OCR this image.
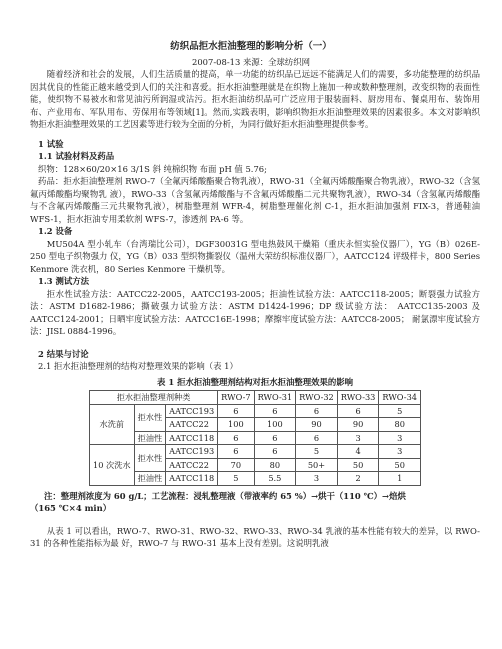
纺织品拒水拒油整理的影响分析（一）
2007-08-13 来源：全球纺织网

随着经济和社会的发展，人们生活质量的提高，单一功能的纺织品已远远不能满足人们的需要，多功能整理的纺织品因其优良的性能正越来越受到人们的关注和喜爱。拒水拒油整理就是在织物上施加一种或数种整理剂，改变织物的表面性能，使织物不易被水和常见油污所润湿或沾污。拒水拒油纺织品可广泛应用于服装面料、厨房用布、餐桌用布、装饰用布、产业用布、军队用布、劳保用布等领域[1]。然而,实践表明，影响织物拒水拒油整理效果的因素很多。本文对影响织物拒水拒油整理效果的工艺因素等进行较为全面的分析，为同行做好拒水拒油整理提供参考。

1 试验

1.1 试验材料及药品

织物：128×60/20×16 3/1S 斜 纯棉织物 布面 pH 值 5.76;

药品：拒水拒油整理剂 RWO-7（全氟丙烯酸酯聚合物乳液），RWO-31（全氟丙烯酸酯聚合物乳液），RWO-32（含氢氟丙烯酸酯均聚物乳 液），RWO-33（含氢氟丙烯酸酯与不含氟丙烯酸酯二元共聚物乳液），RWO-34（含氢氟丙烯酸酯与不含氟丙烯酸酯三元共聚物乳液），树脂整理剂 WFR-4，树脂整理催化剂 C-1，拒水拒油加强剂 FIX-3，普通鞋油 WFS-1，拒水拒油专用柔软剂 WFS-7，渗透剂 PA-6 等。

1.2 设备

MU504A 型小轧车（台湾瑞比公司），DGF30031G 型电热鼓风干燥箱（重庆永恒实验仪器厂），YG（B）026E-250 型电子织物强力 仪，YG（B）033 型织物撕裂仪（温州大荣纺织标准仪器厂），AATCC124 评级样卡，800 Series Kenmore 洗衣机，80 Series Kenmore 干燥机等。

1.3 测试方法

拒水性试验方法：AATCC22-2005，AATCC193-2005；拒油性试验方法：AATCC118-2005；断裂强力试验方法：ASTM D1682-1986；撕破强力试验方法：ASTM D1424-1996；DP 级试验方法： AATCC135-2003 及 AATCC124-2001；日晒牢度试验方法：AATCC16E-1998；摩擦牢度试验方法：AATCC8-2005； 耐氯漂牢度试验方法：JISL 0884-1996。

2 结果与讨论

2.1 拒水拒油整理剂的结构对整理效果的影响（表 1）

表 1 拒水拒油整理剂结构对拒水拒油整理效果的影响

拒水拒油整理剂种类			RWO-7	RWO-31	RWO-32	RWO-33	RWO-34
水洗前	拒水性	AATCC193	6	6	6	6	5
		AATCC22	100	100	90	90	80
	拒油性	AATCC118	6	6	6	3	3
10 次洗水	拒水性	AATCC193	6	6	5	4	3
		AATCC22	70	80	50+	50	50
	拒油性	AATCC118	5	5.5	3	2	1

注：整理剂浓度为 60 g/L；工艺流程：浸轧整理液（带液率约 65 %）→烘干（110 ℃）→焙烘

（165 ℃×4 min）

从表 1 可以看出，RWO-7、RWO-31、RWO-32、RWO-33、RWO-34 乳液的基本性能有较大的差异，以 RWO-31 的各种性能指标为最 好，RWO-7 与 RWO-31 基本上没有差别。这说明乳液
